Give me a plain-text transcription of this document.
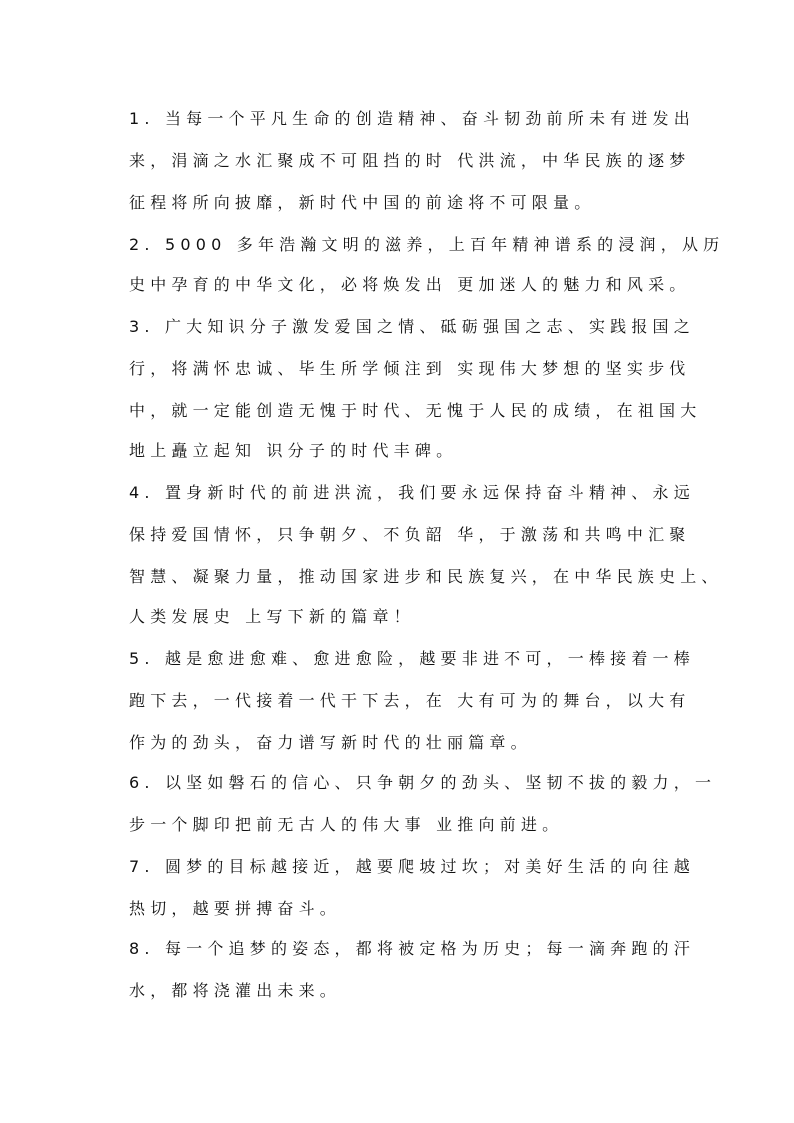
1. 当每一个平凡生命的创造精神、奋斗韧劲前所未有迸发出
来，涓滴之水汇聚成不可阻挡的时 代洪流，中华民族的逐梦
征程将所向披靡，新时代中国的前途将不可限量。
2. 5000 多年浩瀚文明的滋养，上百年精神谱系的浸润，从历
史中孕育的中华文化，必将焕发出 更加迷人的魅力和风采。
3. 广大知识分子激发爱国之情、砥砺强国之志、实践报国之
行，将满怀忠诚、毕生所学倾注到 实现伟大梦想的坚实步伐
中，就一定能创造无愧于时代、无愧于人民的成绩，在祖国大
地上矗立起知 识分子的时代丰碑。
4. 置身新时代的前进洪流，我们要永远保持奋斗精神、永远
保持爱国情怀，只争朝夕、不负韶 华，于激荡和共鸣中汇聚
智慧、凝聚力量，推动国家进步和民族复兴，在中华民族史上、
人类发展史 上写下新的篇章！
5. 越是愈进愈难、愈进愈险，越要非进不可，一棒接着一棒
跑下去，一代接着一代干下去，在 大有可为的舞台，以大有
作为的劲头，奋力谱写新时代的壮丽篇章。
6. 以坚如磐石的信心、只争朝夕的劲头、坚韧不拔的毅力，一
步一个脚印把前无古人的伟大事 业推向前进。
7. 圆梦的目标越接近，越要爬坡过坎；对美好生活的向往越
热切，越要拼搏奋斗。
8. 每一个追梦的姿态，都将被定格为历史；每一滴奔跑的汗
水，都将浇灌出未来。
